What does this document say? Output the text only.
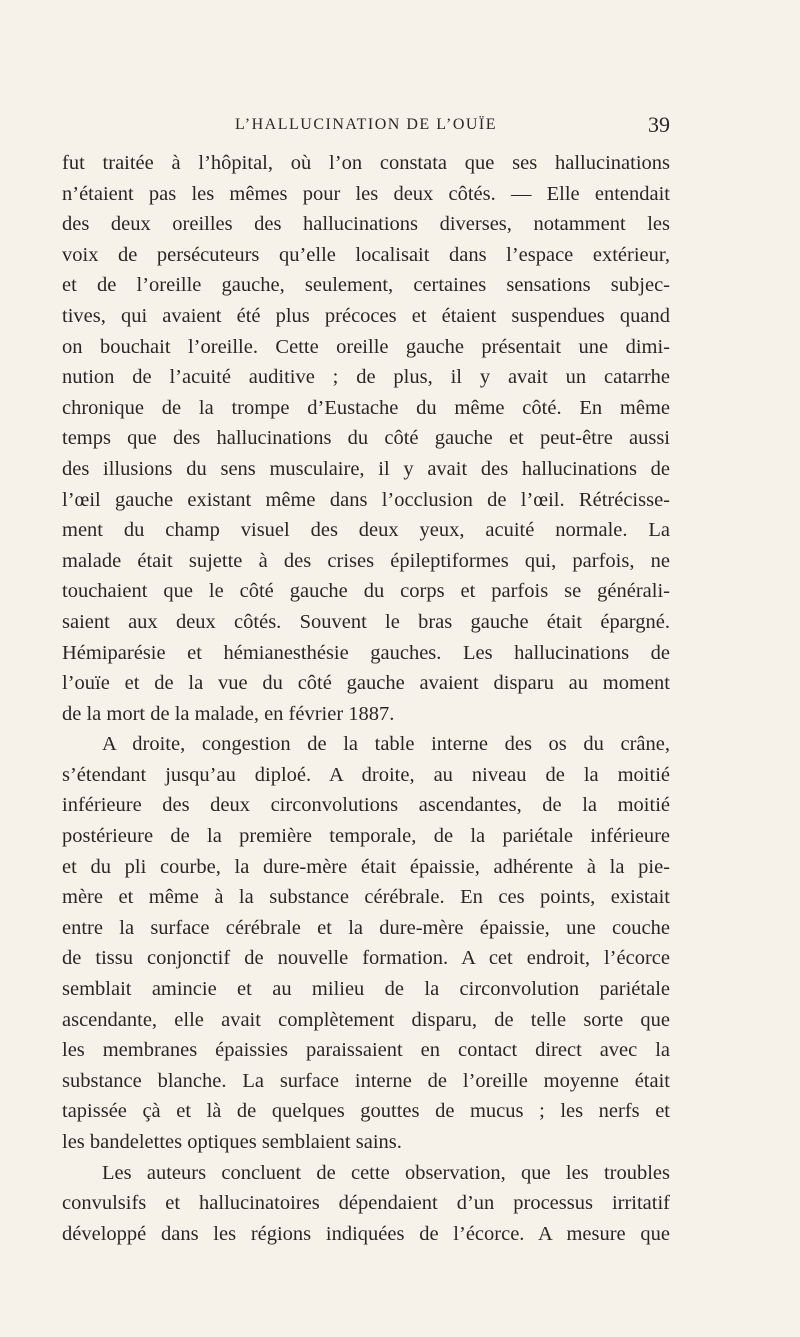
L’HALLUCINATION DE L’OUÏE	39
fut traitée à l’hôpital, où l’on constata que ses hallucinations
n’étaient pas les mêmes pour les deux côtés. — Elle entendait
des deux oreilles des hallucinations diverses, notamment les
voix de persécuteurs qu’elle localisait dans l’espace extérieur,
et de l’oreille gauche, seulement, certaines sensations subjec-
tives, qui avaient été plus précoces et étaient suspendues quand
on bouchait l’oreille. Cette oreille gauche présentait une dimi-
nution de l’acuité auditive ; de plus, il y avait un catarrhe
chronique de la trompe d’Eustache du même côté. En même
temps que des hallucinations du côté gauche et peut-être aussi
des illusions du sens musculaire, il y avait des hallucinations de
l’œil gauche existant même dans l’occlusion de l’œil. Rétrécisse-
ment du champ visuel des deux yeux, acuité normale. La
malade était sujette à des crises épileptiformes qui, parfois, ne
touchaient que le côté gauche du corps et parfois se générali-
saient aux deux côtés. Souvent le bras gauche était épargné.
Hémiparésie et hémianesthésie gauches. Les hallucinations de
l’ouïe et de la vue du côté gauche avaient disparu au moment
de la mort de la malade, en février 1887.
A droite, congestion de la table interne des os du crâne,
s’étendant jusqu’au diploé. A droite, au niveau de la moitié
inférieure des deux circonvolutions ascendantes, de la moitié
postérieure de la première temporale, de la pariétale inférieure
et du pli courbe, la dure-mère était épaissie, adhérente à la pie-
mère et même à la substance cérébrale. En ces points, existait
entre la surface cérébrale et la dure-mère épaissie, une couche
de tissu conjonctif de nouvelle formation. A cet endroit, l’écorce
semblait amincie et au milieu de la circonvolution pariétale
ascendante, elle avait complètement disparu, de telle sorte que
les membranes épaissies paraissaient en contact direct avec la
substance blanche. La surface interne de l’oreille moyenne était
tapissée çà et là de quelques gouttes de mucus ; les nerfs et
les bandelettes optiques semblaient sains.
Les auteurs concluent de cette observation, que les troubles
convulsifs et hallucinatoires dépendaient d’un processus irritatif
développé dans les régions indiquées de l’écorce. A mesure que
